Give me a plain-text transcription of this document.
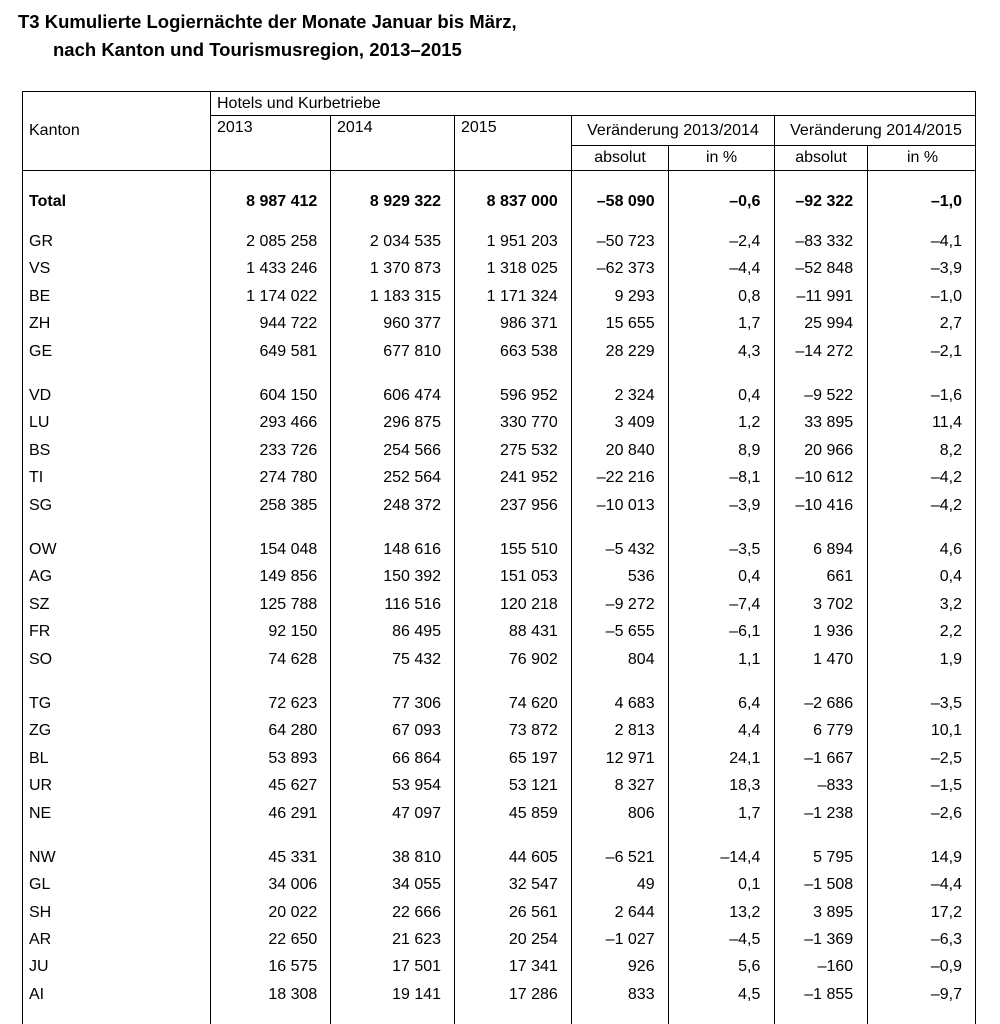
T3 Kumulierte Logiernächte der Monate Januar bis März,
nach Kanton und Tourismusregion, 2013–2015
Kanton
Hotels und Kurbetriebe
2013	2014	2015	Veränderung 2013/2014	Veränderung 2014/2015
absolut	in %	absolut	in %
Total	8 987 412	8 929 322	8 837 000	–58 090	–0,6	–92 322	–1,0
GR	2 085 258	2 034 535	1 951 203	–50 723	–2,4	–83 332	–4,1
VS	1 433 246	1 370 873	1 318 025	–62 373	–4,4	–52 848	–3,9
BE	1 174 022	1 183 315	1 171 324	9 293	0,8	–11 991	–1,0
ZH	944 722	960 377	986 371	15 655	1,7	25 994	2,7
GE	649 581	677 810	663 538	28 229	4,3	–14 272	–2,1
VD	604 150	606 474	596 952	2 324	0,4	–9 522	–1,6
LU	293 466	296 875	330 770	3 409	1,2	33 895	11,4
BS	233 726	254 566	275 532	20 840	8,9	20 966	8,2
TI	274 780	252 564	241 952	–22 216	–8,1	–10 612	–4,2
SG	258 385	248 372	237 956	–10 013	–3,9	–10 416	–4,2
OW	154 048	148 616	155 510	–5 432	–3,5	6 894	4,6
AG	149 856	150 392	151 053	536	0,4	661	0,4
SZ	125 788	116 516	120 218	–9 272	–7,4	3 702	3,2
FR	92 150	86 495	88 431	–5 655	–6,1	1 936	2,2
SO	74 628	75 432	76 902	804	1,1	1 470	1,9
TG	72 623	77 306	74 620	4 683	6,4	–2 686	–3,5
ZG	64 280	67 093	73 872	2 813	4,4	6 779	10,1
BL	53 893	66 864	65 197	12 971	24,1	–1 667	–2,5
UR	45 627	53 954	53 121	8 327	18,3	–833	–1,5
NE	46 291	47 097	45 859	806	1,7	–1 238	–2,6
NW	45 331	38 810	44 605	–6 521	–14,4	5 795	14,9
GL	34 006	34 055	32 547	49	0,1	–1 508	–4,4
SH	20 022	22 666	26 561	2 644	13,2	3 895	17,2
AR	22 650	21 623	20 254	–1 027	–4,5	–1 369	–6,3
JU	16 575	17 501	17 341	926	5,6	–160	–0,9
AI	18 308	19 141	17 286	833	4,5	–1 855	–9,7
